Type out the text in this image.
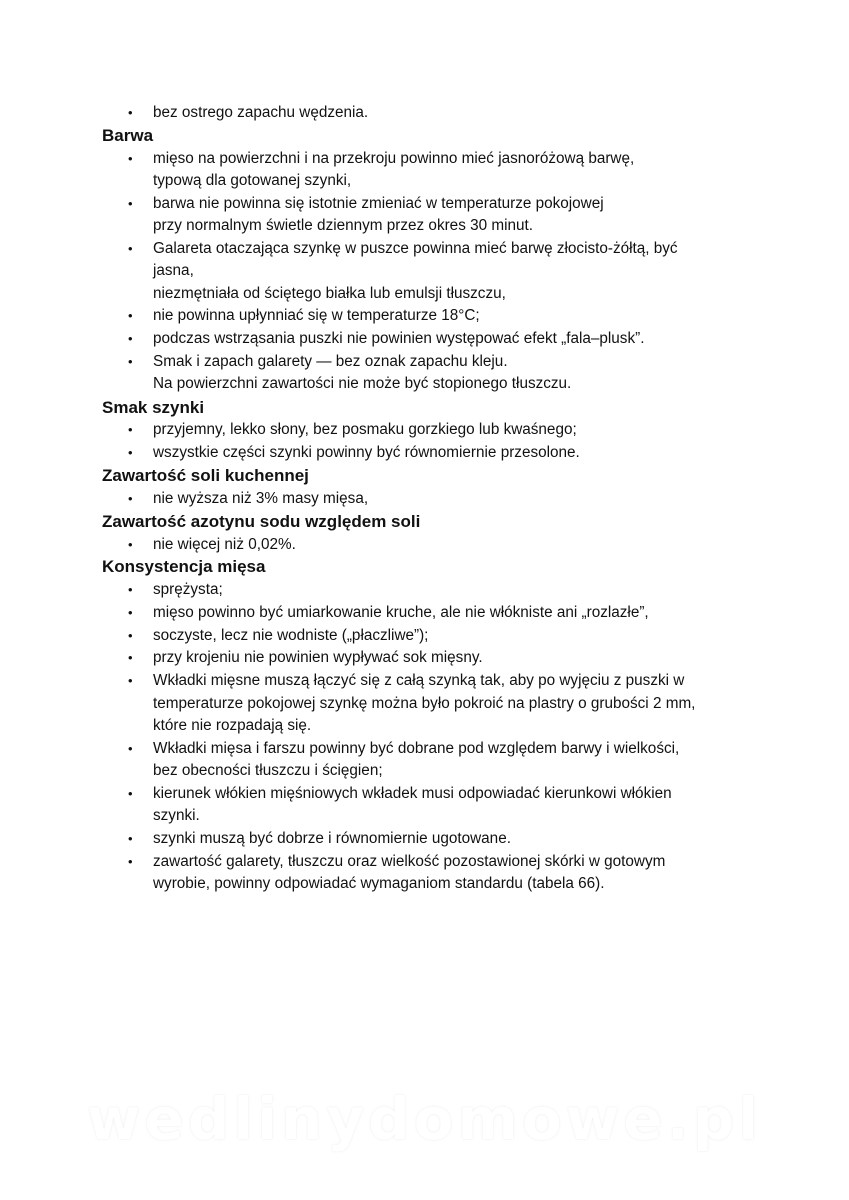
• bez ostrego zapachu wędzenia.
Barwa
• mięso na powierzchni i na przekroju powinno mieć jasnoróżową barwę,
typową dla gotowanej szynki,
• barwa nie powinna się istotnie zmieniać w temperaturze pokojowej
przy normalnym świetle dziennym przez okres 30 minut.
• Galareta otaczająca szynkę w puszce powinna mieć barwę złocisto-żółtą, być
jasna,
niezmętniała od ściętego białka lub emulsji tłuszczu,
• nie powinna upłynniać się w temperaturze 18°C;
• podczas wstrząsania puszki nie powinien występować efekt „fala–plusk”.
• Smak i zapach galarety — bez oznak zapachu kleju.
Na powierzchni zawartości nie może być stopionego tłuszczu.
Smak szynki
• przyjemny, lekko słony, bez posmaku gorzkiego lub kwaśnego;
• wszystkie części szynki powinny być równomiernie przesolone.
Zawartość soli kuchennej
• nie wyższa niż 3% masy mięsa,
Zawartość azotynu sodu względem soli
• nie więcej niż 0,02%.
Konsystencja mięsa
• sprężysta;
• mięso powinno być umiarkowanie kruche, ale nie włókniste ani „rozlazłe”,
• soczyste, lecz nie wodniste („płaczliwe”);
• przy krojeniu nie powinien wypływać sok mięsny.
• Wkładki mięsne muszą łączyć się z całą szynką tak, aby po wyjęciu z puszki w
temperaturze pokojowej szynkę można było pokroić na plastry o grubości 2 mm,
które nie rozpadają się.
• Wkładki mięsa i farszu powinny być dobrane pod względem barwy i wielkości,
bez obecności tłuszczu i ścięgien;
• kierunek włókien mięśniowych wkładek musi odpowiadać kierunkowi włókien
szynki.
• szynki muszą być dobrze i równomiernie ugotowane.
• zawartość galarety, tłuszczu oraz wielkość pozostawionej skórki w gotowym
wyrobie, powinny odpowiadać wymaganiom standardu (tabela 66).
wedlinydomowe.pl
